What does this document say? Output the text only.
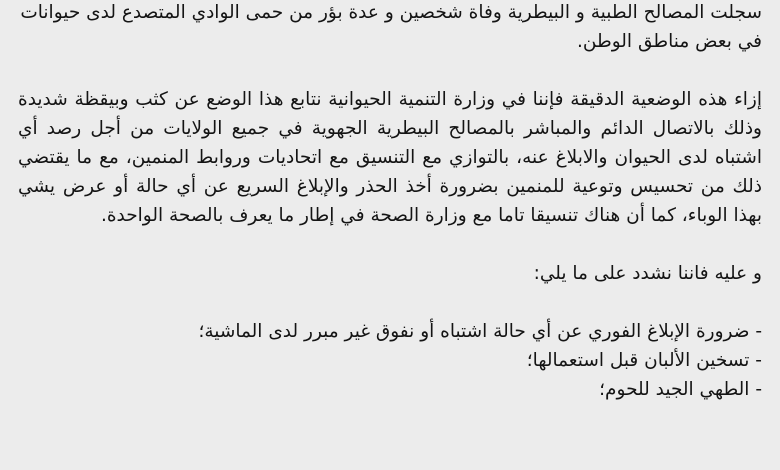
سجلت المصالح الطبية و البيطرية وفاة شخصين و عدة بؤر من حمى الوادي المتصدع لدى حيوانات في بعض مناطق الوطن.

إزاء هذه الوضعية الدقيقة فإننا في وزارة التنمية الحيوانية نتابع هذا الوضع عن كثب وبيقظة شديدة وذلك بالاتصال الدائم والمباشر بالمصالح البيطرية الجهوية في جميع الولايات من أجل رصد أي اشتباه لدى الحيوان والابلاغ عنه، بالتوازي مع التنسيق مع اتحاديات وروابط المنمين، مع ما يقتضي ذلك من تحسيس وتوعية للمنمين بضرورة أخذ الحذر والإبلاغ السريع عن أي حالة أو عرض يشي بهذا الوباء، كما أن هناك تنسيقا تاما مع وزارة الصحة في إطار ما يعرف بالصحة الواحدة.

و عليه فاننا نشدد على ما يلي:

- ضرورة الإبلاغ الفوري عن أي حالة اشتباه أو نفوق غير مبرر لدى الماشية؛
- تسخين الألبان قبل استعمالها؛
- الطهي الجيد للحوم؛
